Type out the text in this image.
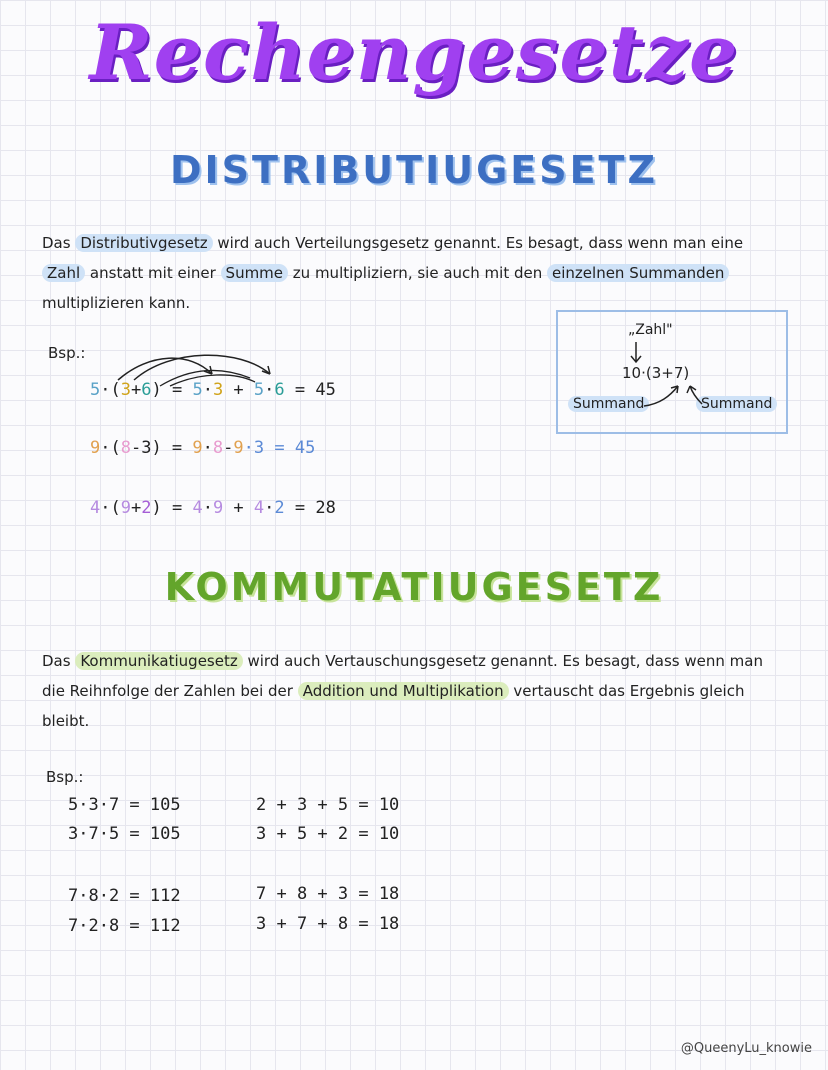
Rechengesetze
DISTRIBUTIUGESETZ
Das Distributivgesetz wird auch Verteilungsgesetz genannt. Es besagt, dass wenn man eine Zahl anstatt mit einer Summe zu multipliziern, sie auch mit den einzelnen Summanden multiplizieren kann.
Bsp.:
5·(3+6) = 5·3 + 5·6 = 45
9·(8-3) = 9·8-9·3 = 45
4·(9+2) = 4·9 + 4·2 = 28
„Zahl"
10·(3+7)
Summand	Summand
KOMMUTATIUGESETZ
Das Kommunikatiugesetz wird auch Vertauschungsgesetz genannt. Es besagt, dass wenn man die Reihnfolge der Zahlen bei der Addition und Multiplikation vertauscht das Ergebnis gleich bleibt.
Bsp.:
5·3·7 = 105
3·7·5 = 105
7·8·2 = 112
7·2·8 = 112
2 + 3 + 5 = 10
3 + 5 + 2 = 10
7 + 8 + 3 = 18
3 + 7 + 8 = 18
@QueenyLu_knowie
